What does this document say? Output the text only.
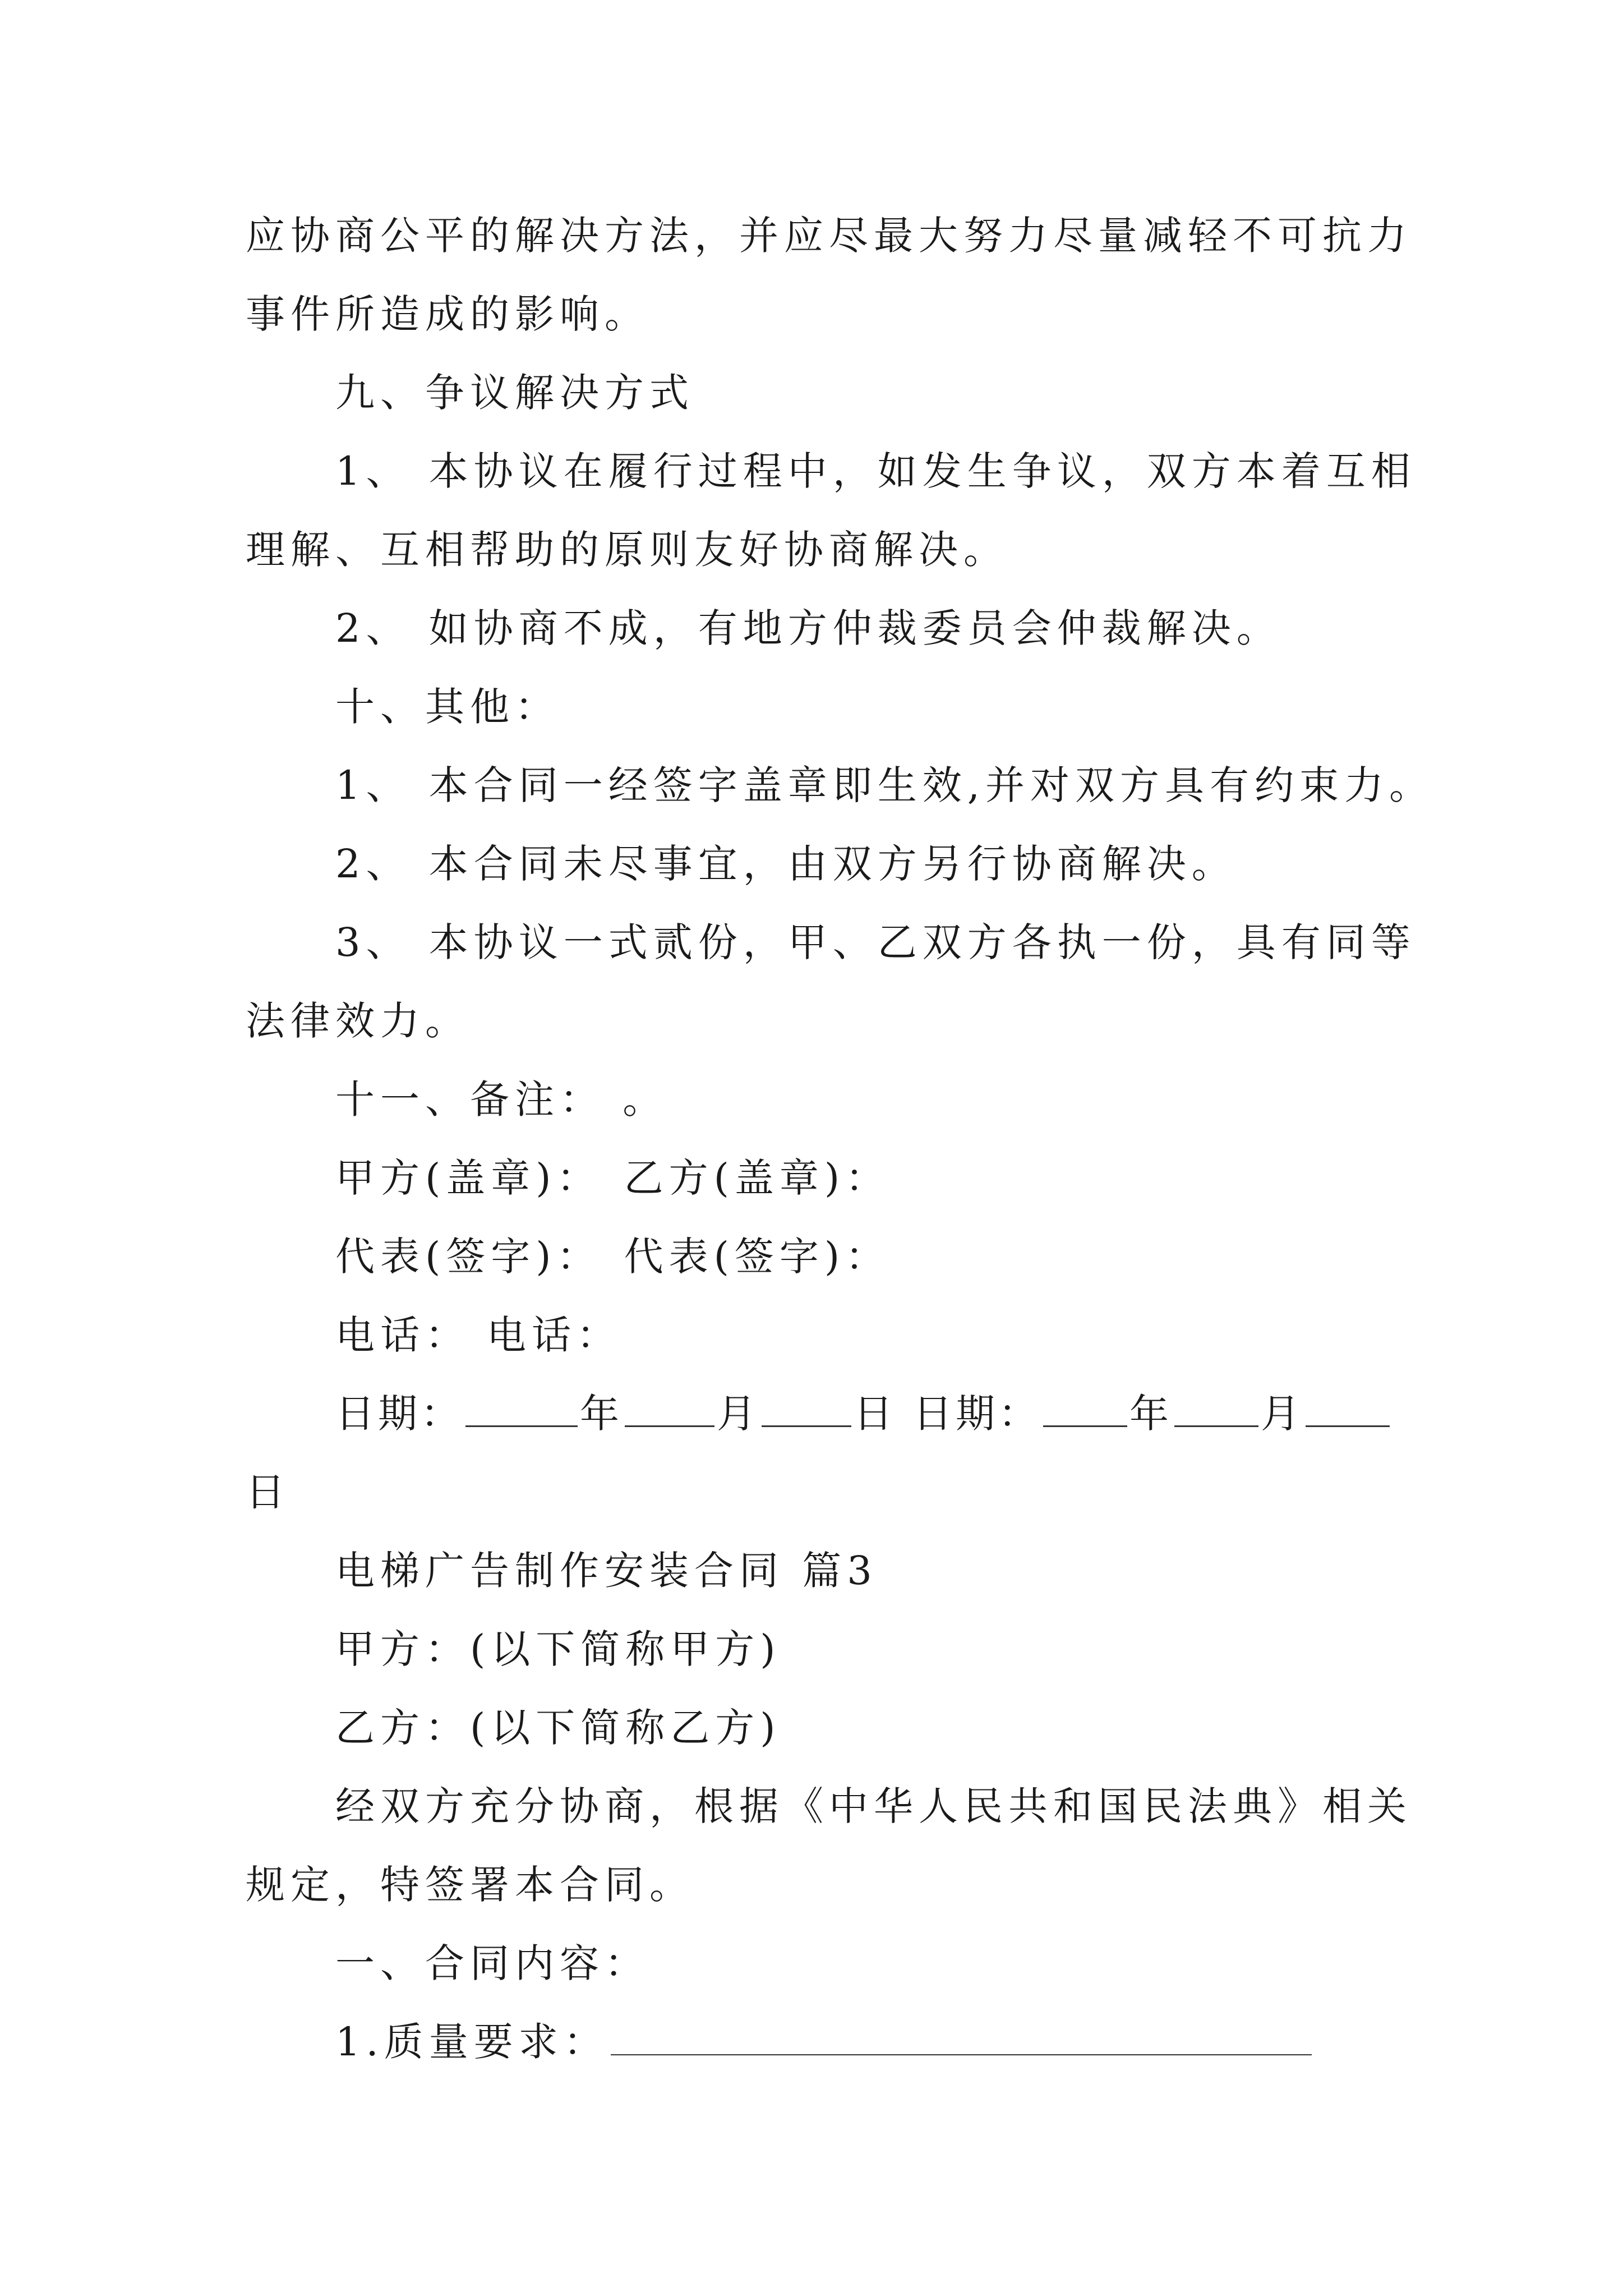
应协商公平的解决方法，并应尽最大努力尽量减轻不可抗力
事件所造成的影响。
九、争议解决方式
1、 本协议在履行过程中，如发生争议，双方本着互相
理解、互相帮助的原则友好协商解决。
2、 如协商不成，有地方仲裁委员会仲裁解决。
十、其他：
1、 本合同一经签字盖章即生效,并对双方具有约束力。
2、 本合同未尽事宜，由双方另行协商解决。
3、 本协议一式贰份，甲、乙双方各执一份，具有同等
法律效力。
十一、备注： 。
甲方(盖章)： 乙方(盖章)：
代表(签字)： 代表(签字)：
电话： 电话：
日期：	年 月 日 日期： 年 月
日
电梯广告制作安装合同 篇3
甲方：(以下简称甲方)
乙方：(以下简称乙方)
经双方充分协商，根据《中华人民共和国民法典》相关
规定，特签署本合同。
一、合同内容：
1.质量要求：
